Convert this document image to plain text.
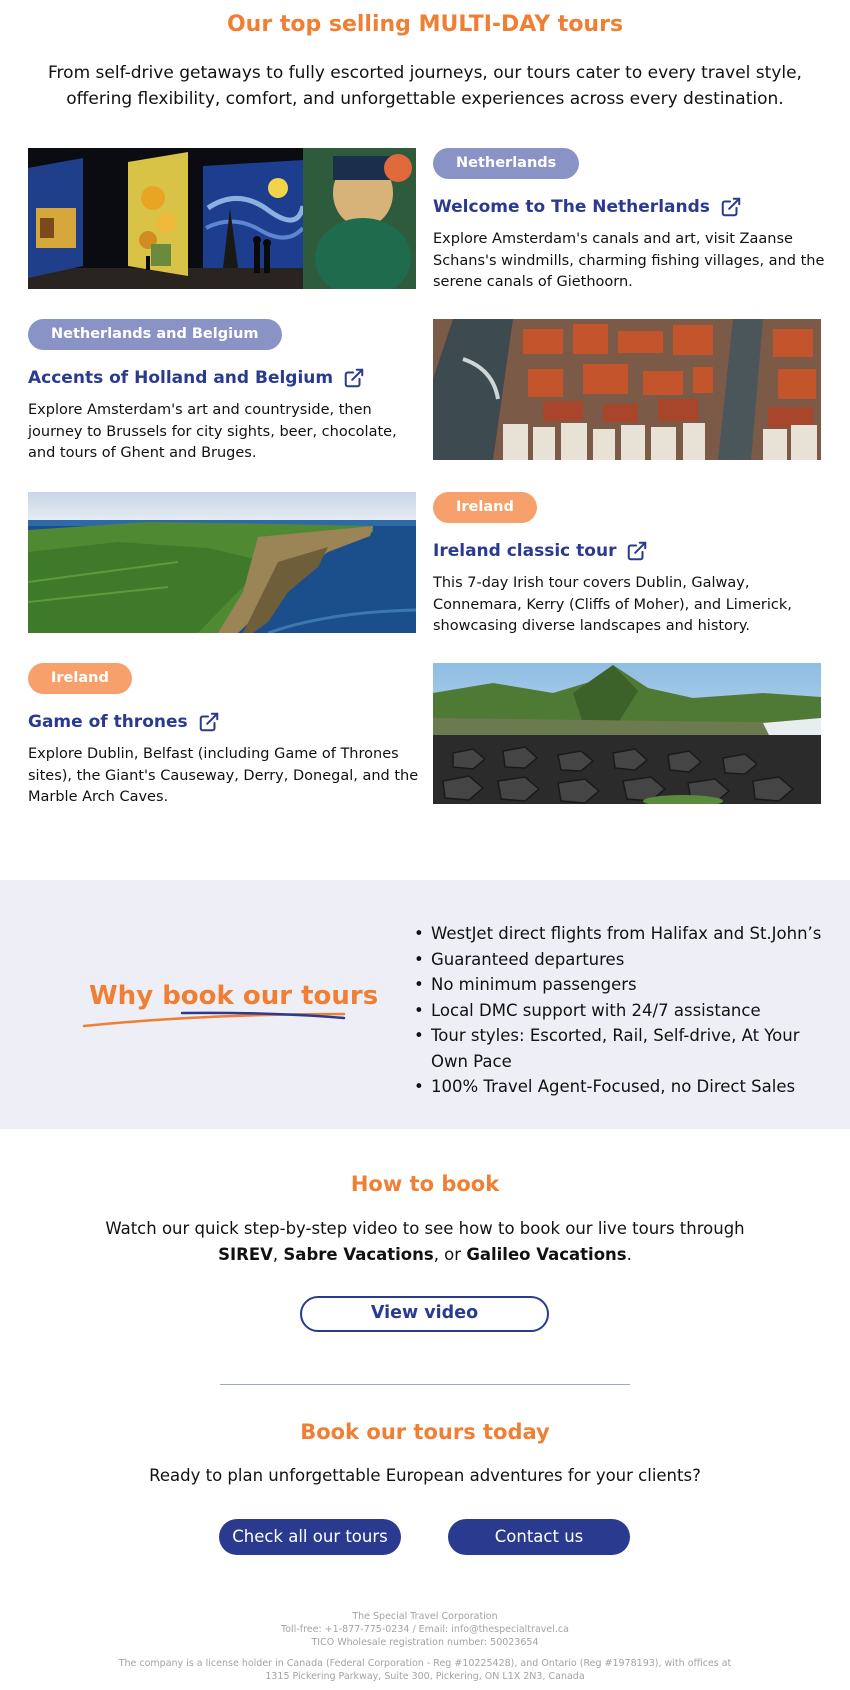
Our top selling MULTI-DAY tours
From self-drive getaways to fully escorted journeys, our tours cater to every travel style, offering flexibility, comfort, and unforgettable experiences across every destination.
Netherlands
Welcome to The Netherlands
Explore Amsterdam's canals and art, visit Zaanse Schans's windmills, charming fishing villages, and the serene canals of Giethoorn.
Netherlands and Belgium
Accents of Holland and Belgium
Explore Amsterdam's art and countryside, then journey to Brussels for city sights, beer, chocolate, and tours of Ghent and Bruges.
Ireland
Ireland classic tour
This 7-day Irish tour covers Dublin, Galway, Connemara, Kerry (Cliffs of Moher), and Limerick, showcasing diverse landscapes and history.
Ireland
Game of thrones
Explore Dublin, Belfast (including Game of Thrones sites), the Giant's Causeway, Derry, Donegal, and the Marble Arch Caves.
Why book our tours
• WestJet direct flights from Halifax and St.John’s
• Guaranteed departures
• No minimum passengers
• Local DMC support with 24/7 assistance
• Tour styles: Escorted, Rail, Self-drive, At Your Own Pace
• 100% Travel Agent-Focused, no Direct Sales
How to book
Watch our quick step-by-step video to see how to book our live tours through SIREV, Sabre Vacations, or Galileo Vacations.
View video
Book our tours today
Ready to plan unforgettable European adventures for your clients?
Check all our tours	Contact us
The Special Travel Corporation
Toll-free: +1-877-775-0234 / Email: info@thespecialtravel.ca
TICO Wholesale registration number: 50023654
The company is a license holder in Canada (Federal Corporation - Reg #10225428), and Ontario (Reg #1978193), with offices at
1315 Pickering Parkway, Suite 300, Pickering, ON L1X 2N3, Canada
